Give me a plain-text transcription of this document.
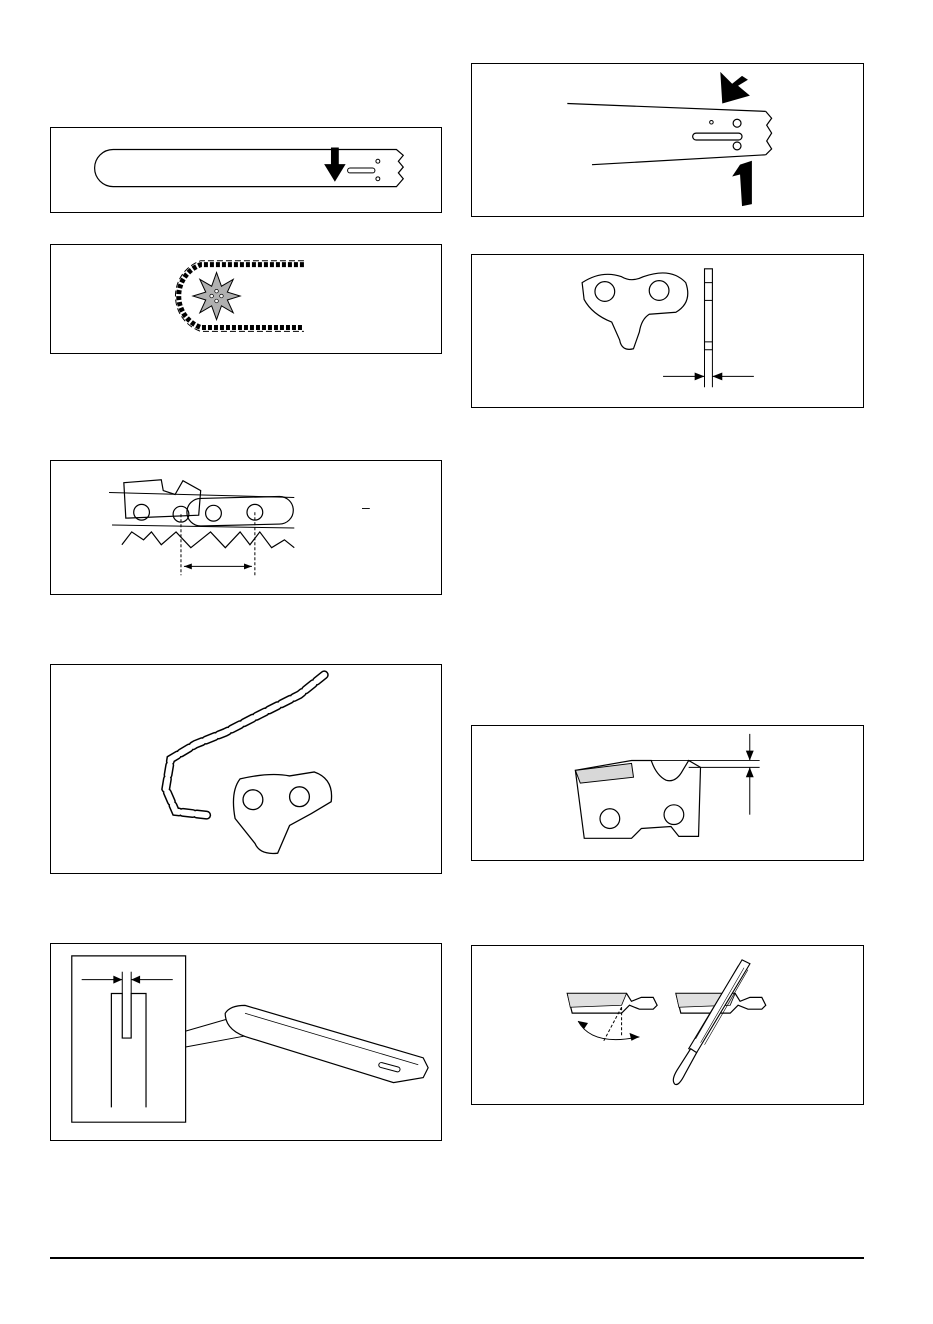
–
